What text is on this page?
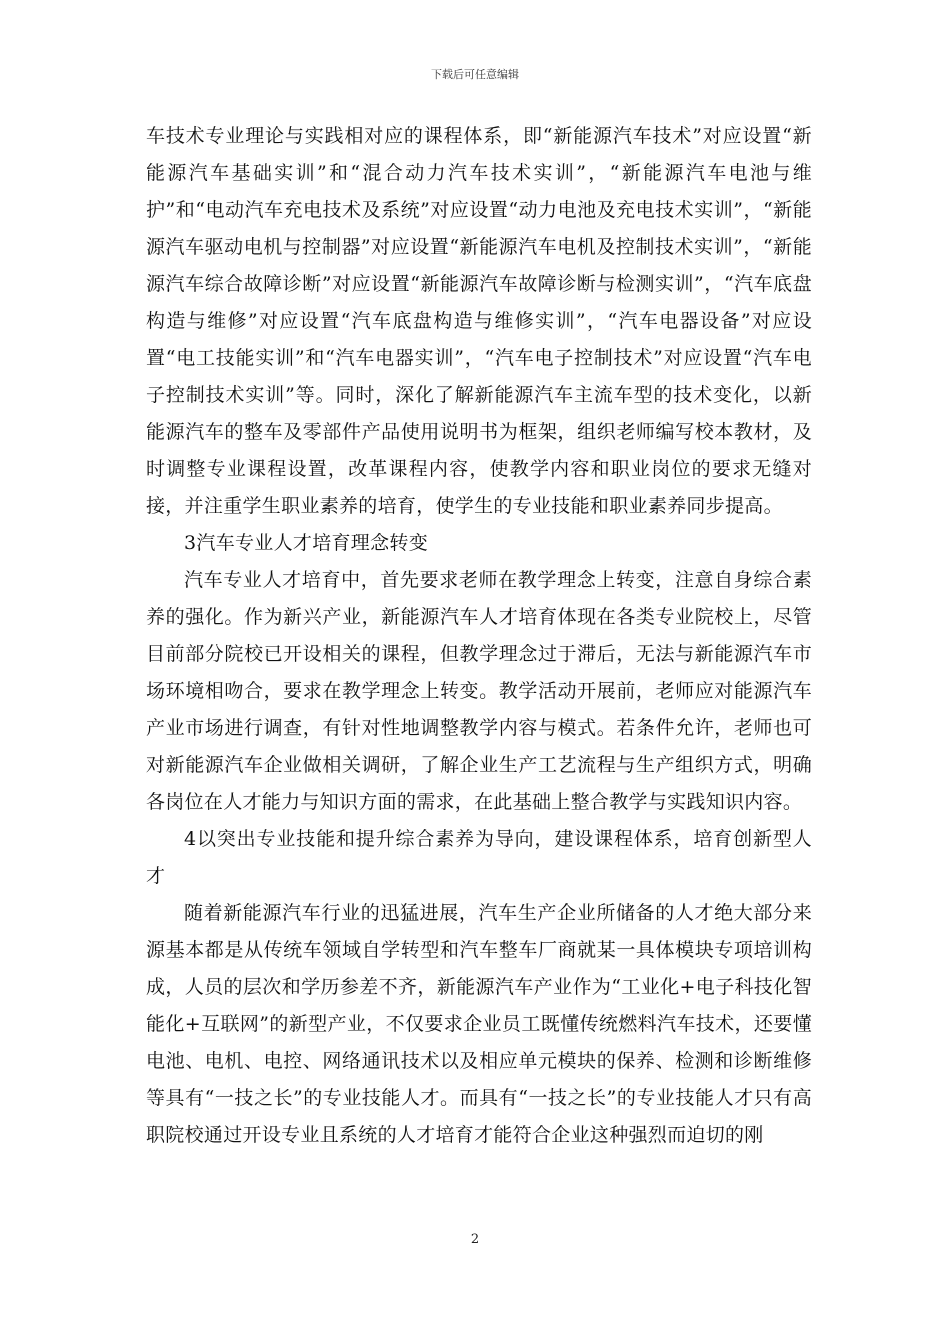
下载后可任意编辑

车技术专业理论与实践相对应的课程体系，即“新能源汽车技术”对应设置“新能源汽车基础实训”和“混合动力汽车技术实训”，“新能源汽车电池与维护”和“电动汽车充电技术及系统”对应设置“动力电池及充电技术实训”，“新能源汽车驱动电机与控制器”对应设置“新能源汽车电机及控制技术实训”，“新能源汽车综合故障诊断”对应设置“新能源汽车故障诊断与检测实训”，“汽车底盘构造与维修”对应设置“汽车底盘构造与维修实训”，“汽车电器设备”对应设置“电工技能实训”和“汽车电器实训”，“汽车电子控制技术”对应设置“汽车电子控制技术实训”等。同时，深化了解新能源汽车主流车型的技术变化，以新能源汽车的整车及零部件产品使用说明书为框架，组织老师编写校本教材，及时调整专业课程设置，改革课程内容，使教学内容和职业岗位的要求无缝对接，并注重学生职业素养的培育，使学生的专业技能和职业素养同步提高。

3汽车专业人才培育理念转变

汽车专业人才培育中，首先要求老师在教学理念上转变，注意自身综合素养的强化。作为新兴产业，新能源汽车人才培育体现在各类专业院校上，尽管目前部分院校已开设相关的课程，但教学理念过于滞后，无法与新能源汽车市场环境相吻合，要求在教学理念上转变。教学活动开展前，老师应对能源汽车产业市场进行调查，有针对性地调整教学内容与模式。若条件允许，老师也可对新能源汽车企业做相关调研，了解企业生产工艺流程与生产组织方式，明确各岗位在人才能力与知识方面的需求，在此基础上整合教学与实践知识内容。

4以突出专业技能和提升综合素养为导向，建设课程体系，培育创新型人才

随着新能源汽车行业的迅猛进展，汽车生产企业所储备的人才绝大部分来源基本都是从传统车领域自学转型和汽车整车厂商就某一具体模块专项培训构成，人员的层次和学历参差不齐，新能源汽车产业作为“工业化+电子科技化智能化+互联网”的新型产业，不仅要求企业员工既懂传统燃料汽车技术，还要懂电池、电机、电控、网络通讯技术以及相应单元模块的保养、检测和诊断维修等具有“一技之长”的专业技能人才。而具有“一技之长”的专业技能人才只有高职院校通过开设专业且系统的人才培育才能符合企业这种强烈而迫切的刚

2
